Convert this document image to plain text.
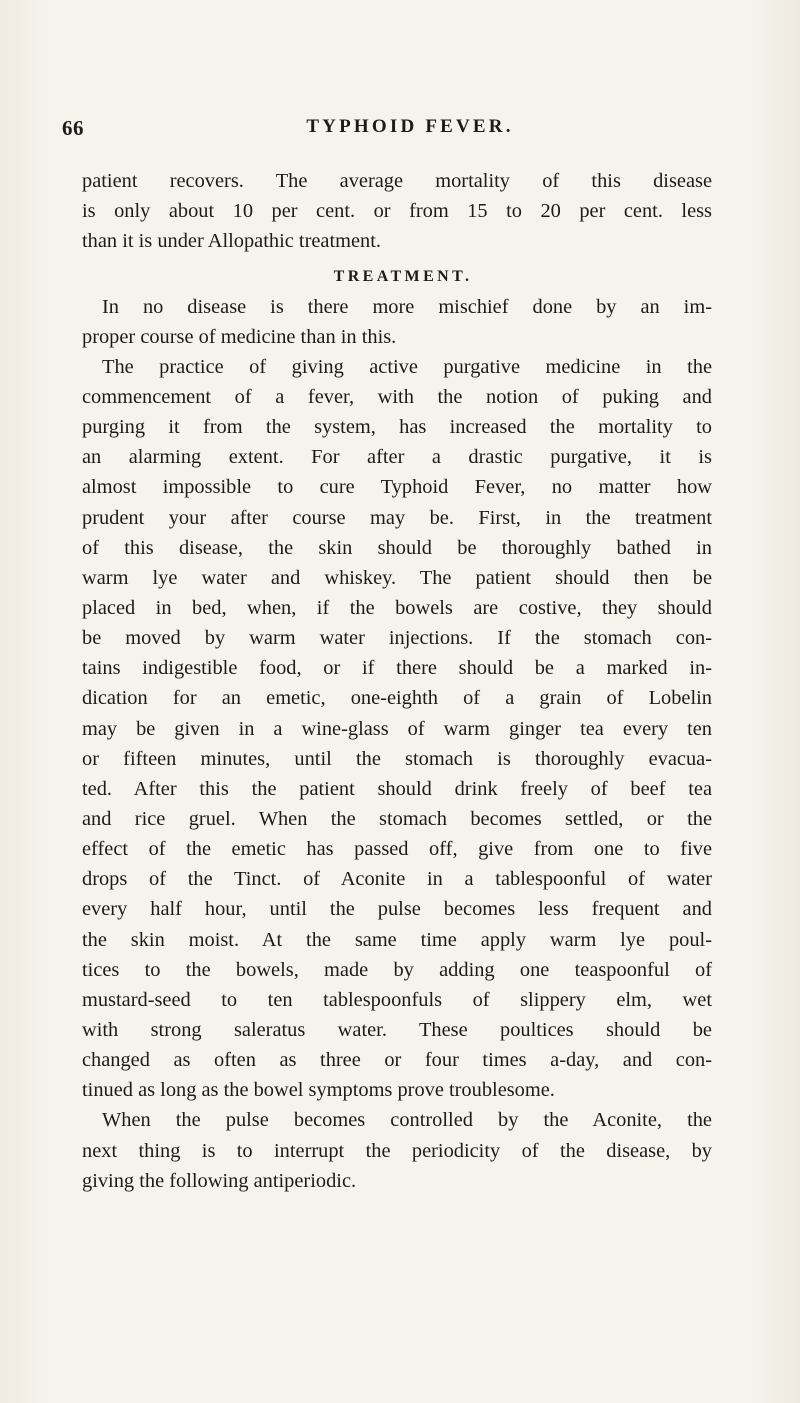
66	TYPHOID FEVER.
patient recovers. The average mortality of this disease
is only about 10 per cent. or from 15 to 20 per cent. less
than it is under Allopathic treatment.
TREATMENT.
In no disease is there more mischief done by an im-
proper course of medicine than in this.
The practice of giving active purgative medicine in the
commencement of a fever, with the notion of puking and
purging it from the system, has increased the mortality to
an alarming extent. For after a drastic purgative, it is
almost impossible to cure Typhoid Fever, no matter how
prudent your after course may be. First, in the treatment
of this disease, the skin should be thoroughly bathed in
warm lye water and whiskey. The patient should then be
placed in bed, when, if the bowels are costive, they should
be moved by warm water injections. If the stomach con-
tains indigestible food, or if there should be a marked in-
dication for an emetic, one-eighth of a grain of Lobelin
may be given in a wine-glass of warm ginger tea every ten
or fifteen minutes, until the stomach is thoroughly evacua-
ted. After this the patient should drink freely of beef tea
and rice gruel. When the stomach becomes settled, or the
effect of the emetic has passed off, give from one to five
drops of the Tinct. of Aconite in a tablespoonful of water
every half hour, until the pulse becomes less frequent and
the skin moist. At the same time apply warm lye poul-
tices to the bowels, made by adding one teaspoonful of
mustard-seed to ten tablespoonfuls of slippery elm, wet
with strong saleratus water. These poultices should be
changed as often as three or four times a-day, and con-
tinued as long as the bowel symptoms prove troublesome.
When the pulse becomes controlled by the Aconite, the
next thing is to interrupt the periodicity of the disease, by
giving the following antiperiodic.
